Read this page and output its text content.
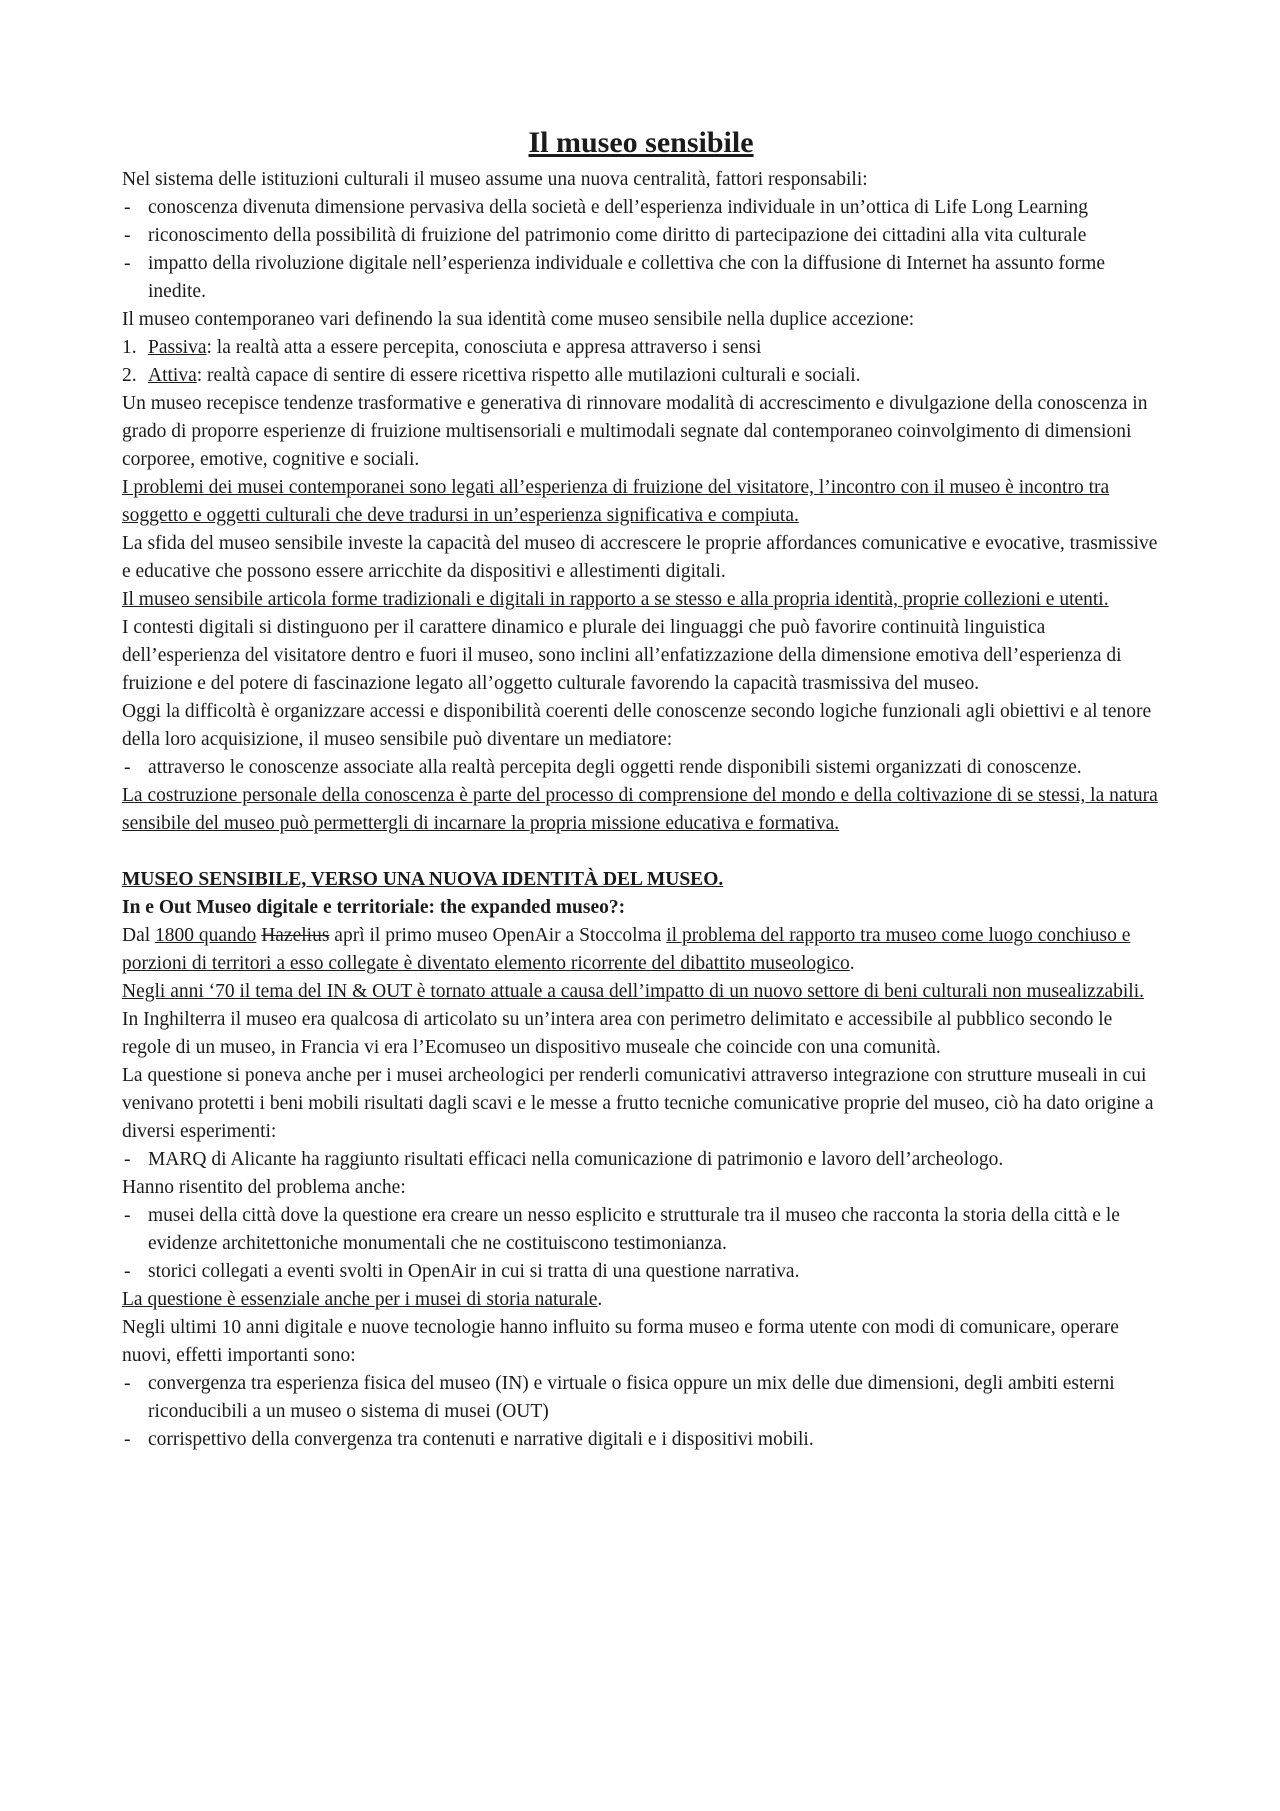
Il museo sensibile

Nel sistema delle istituzioni culturali il museo assume una nuova centralità, fattori responsabili:

- conoscenza divenuta dimensione pervasiva della società e dell’esperienza individuale in un’ottica di Life Long Learning
- riconoscimento della possibilità di fruizione del patrimonio come diritto di partecipazione dei cittadini alla vita culturale
- impatto della rivoluzione digitale nell’esperienza individuale e collettiva che con la diffusione di Internet ha assunto forme inedite.

Il museo contemporaneo vari definendo la sua identità come museo sensibile nella duplice accezione:

1. Passiva: la realtà atta a essere percepita, conosciuta e appresa attraverso i sensi
2. Attiva: realtà capace di sentire di essere ricettiva rispetto alle mutilazioni culturali e sociali.

Un museo recepisce tendenze trasformative e generativa di rinnovare modalità di accrescimento e divulgazione della conoscenza in grado di proporre esperienze di fruizione multisensoriali e multimodali segnate dal contemporaneo coinvolgimento di dimensioni corporee, emotive, cognitive e sociali.

I problemi dei musei contemporanei sono legati all’esperienza di fruizione del visitatore, l’incontro con il museo è incontro tra soggetto e oggetti culturali che deve tradursi in un’esperienza significativa e compiuta.

La sfida del museo sensibile investe la capacità del museo di accrescere le proprie affordances comunicative e evocative, trasmissive e educative che possono essere arricchite da dispositivi e allestimenti digitali.

Il museo sensibile articola forme tradizionali e digitali in rapporto a se stesso e alla propria identità, proprie collezioni e utenti.

I contesti digitali si distinguono per il carattere dinamico e plurale dei linguaggi che può favorire continuità linguistica dell’esperienza del visitatore dentro e fuori il museo, sono inclini all’enfatizzazione della dimensione emotiva dell’esperienza di fruizione e del potere di fascinazione legato all’oggetto culturale favorendo la capacità trasmissiva del museo.

Oggi la difficoltà è organizzare accessi e disponibilità coerenti delle conoscenze secondo logiche funzionali agli obiettivi e al tenore della loro acquisizione, il museo sensibile può diventare un mediatore:

- attraverso le conoscenze associate alla realtà percepita degli oggetti rende disponibili sistemi organizzati di conoscenze.

La costruzione personale della conoscenza è parte del processo di comprensione del mondo e della coltivazione di se stessi, la natura sensibile del museo può permettergli di incarnare la propria missione educativa e formativa.

MUSEO SENSIBILE, VERSO UNA NUOVA IDENTITÀ DEL MUSEO.

In e Out Museo digitale e territoriale: the expanded museo?:

Dal 1800 quando Hazelius aprì il primo museo OpenAir a Stoccolma il problema del rapporto tra museo come luogo conchiuso e porzioni di territori a esso collegate è diventato elemento ricorrente del dibattito museologico.

Negli anni ‘70 il tema del IN & OUT è tornato attuale a causa dell’impatto di un nuovo settore di beni culturali non musealizzabili.

In Inghilterra il museo era qualcosa di articolato su un’intera area con perimetro delimitato e accessibile al pubblico secondo le regole di un museo, in Francia vi era l’Ecomuseo un dispositivo museale che coincide con una comunità.

La questione si poneva anche per i musei archeologici per renderli comunicativi attraverso integrazione con strutture museali in cui venivano protetti i beni mobili risultati dagli scavi e le messe a frutto tecniche comunicative proprie del museo, ciò ha dato origine a diversi esperimenti:

- MARQ di Alicante ha raggiunto risultati efficaci nella comunicazione di patrimonio e lavoro dell’archeologo.

Hanno risentito del problema anche:

- musei della città dove la questione era creare un nesso esplicito e strutturale tra il museo che racconta la storia della città e le evidenze architettoniche monumentali che ne costituiscono testimonianza.
- storici collegati a eventi svolti in OpenAir in cui si tratta di una questione narrativa.

La questione è essenziale anche per i musei di storia naturale.

Negli ultimi 10 anni digitale e nuove tecnologie hanno influito su forma museo e forma utente con modi di comunicare, operare nuovi, effetti importanti sono:

- convergenza tra esperienza fisica del museo (IN) e virtuale o fisica oppure un mix delle due dimensioni, degli ambiti esterni riconducibili a un museo o sistema di musei (OUT)
- corrispettivo della convergenza tra contenuti e narrative digitali e i dispositivi mobili.
